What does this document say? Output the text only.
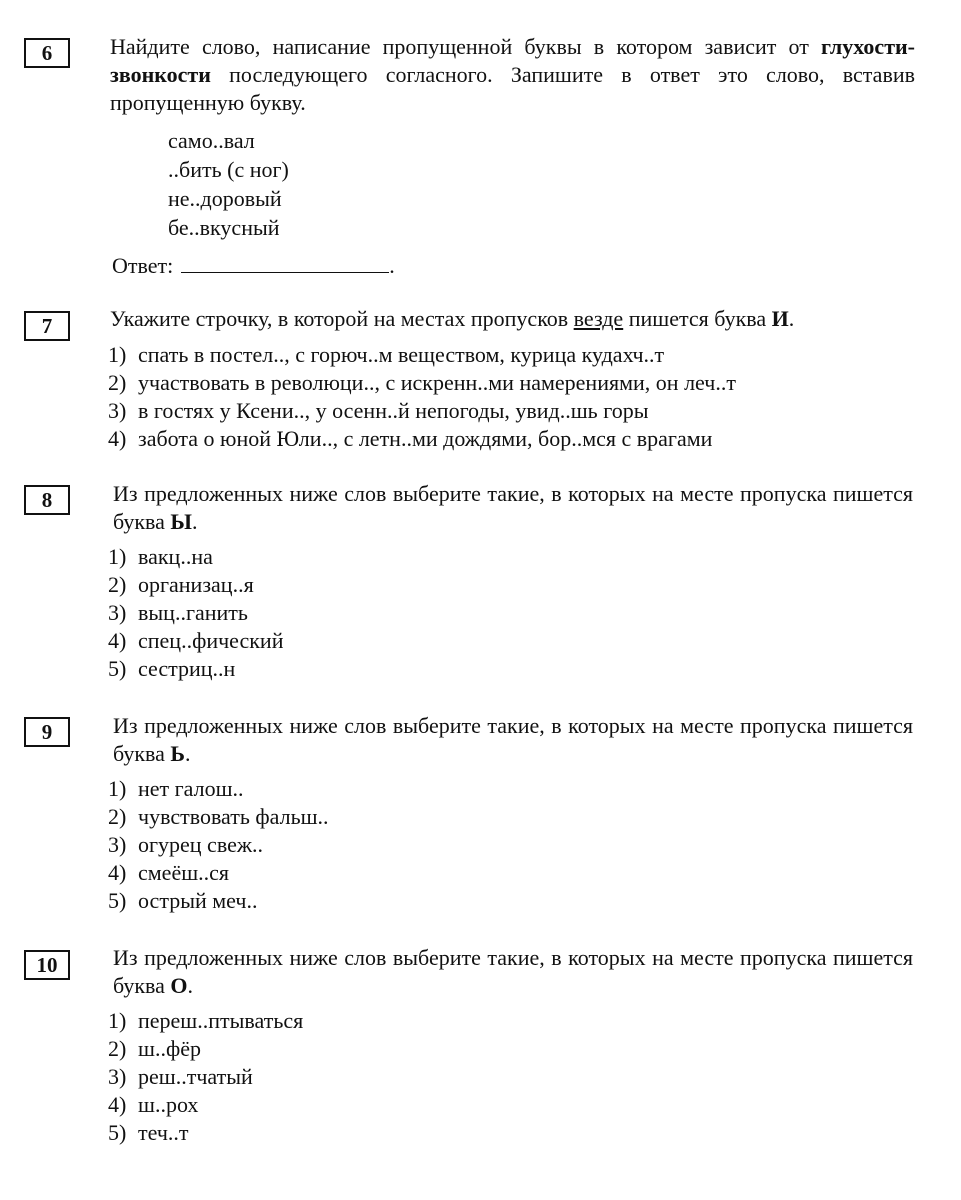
6	Найдите слово, написание пропущенной буквы в котором зависит от глухости-звонкости последующего согласного. Запишите в ответ это слово, вставив пропущенную букву.
само..вал
..бить (с ног)
не..доровый
бе..вкусный
Ответ:	.
7	Укажите строчку, в которой на местах пропусков везде пишется буква И.
1) спать в постел.., с горюч..м веществом, курица кудахч..т
2) участвовать в революци.., с искренн..ми намерениями, он леч..т
3) в гостях у Ксени.., у осенн..й непогоды, увид..шь горы
4) забота о юной Юли.., с летн..ми дождями, бор..мся с врагами
8	Из предложенных ниже слов выберите такие, в которых на месте пропуска пишется буква Ы.
1) вакц..на
2) организац..я
3) выц..ганить
4) спец..фический
5) сестриц..н
9	Из предложенных ниже слов выберите такие, в которых на месте пропуска пишется буква Ь.
1) нет галош..
2) чувствовать фальш..
3) огурец свеж..
4) смеёш..ся
5) острый меч..
10	Из предложенных ниже слов выберите такие, в которых на месте пропуска пишется буква О.
1) переш..птываться
2) ш..фёр
3) реш..тчатый
4) ш..рох
5) теч..т
